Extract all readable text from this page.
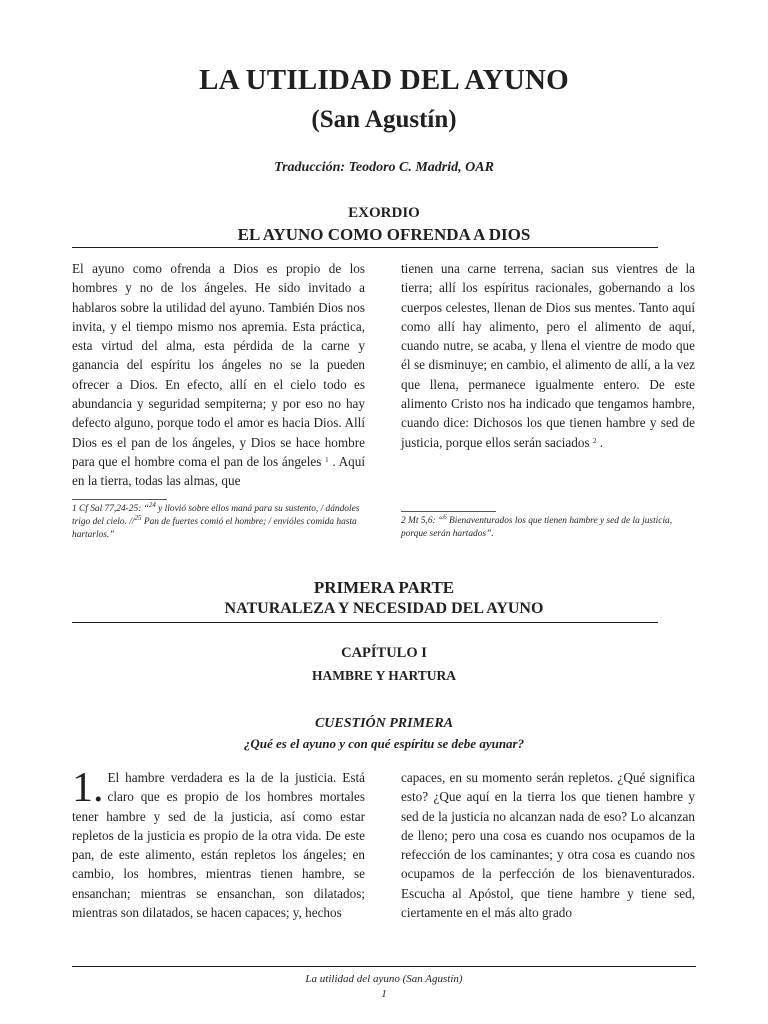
LA UTILIDAD DEL AYUNO
(San Agustín)
Traducción: Teodoro C. Madrid, OAR
EXORDIO
EL AYUNO COMO OFRENDA A DIOS
El ayuno como ofrenda a Dios es propio de los hombres y no de los ángeles. He sido invitado a hablaros sobre la utilidad del ayuno. También Dios nos invita, y el tiempo mismo nos apremia. Esta práctica, esta virtud del alma, esta pérdida de la carne y ganancia del espíritu los ángeles no se la pueden ofrecer a Dios. En efecto, allí en el cielo todo es abundancia y seguridad sempiterna; y por eso no hay defecto alguno, porque todo el amor es hacia Dios. Allí Dios es el pan de los ángeles, y Dios se hace hombre para que el hombre coma el pan de los ángeles $^1$ . Aquí en la tierra, todas las almas, que
tienen una carne terrena, sacian sus vientres de la tierra; allí los espíritus racionales, gobernando a los cuerpos celestes, llenan de Dios sus mentes. Tanto aquí como allí hay alimento, pero el alimento de aquí, cuando nutre, se acaba, y llena el vientre de modo que él se disminuye; en cambio, el alimento de allí, a la vez que llena, permanece igualmente entero. De este alimento Cristo nos ha indicado que tengamos hambre, cuando dice: Dichosos los que tienen hambre y sed de justicia, porque ellos serán saciados $^2$ .
1 Cf Sal 77,24-25: “$^{24}$ y llovió sobre ellos maná para su sustento, / dándoles trigo del cielo. //$^{25}$ Pan de fuertes comió el hombre; / envióles comida hasta hartarlos.”
2 Mt 5,6: “$^6$ Bienaventurados los que tienen hambre y sed de la justicia, porque serán hartados”.
PRIMERA PARTE
NATURALEZA Y NECESIDAD DEL AYUNO
CAPÍTULO I
HAMBRE Y HARTURA
CUESTIÓN PRIMERA
¿Qué es el ayuno y con qué espíritu se debe ayunar?
1. El hambre verdadera es la de la justicia. Está claro que es propio de los hombres mortales tener hambre y sed de la justicia, así como estar repletos de la justicia es propio de la otra vida. De este pan, de este alimento, están repletos los ángeles; en cambio, los hombres, mientras tienen hambre, se ensanchan; mientras se ensanchan, son dilatados; mientras son dilatados, se hacen capaces; y, hechos
capaces, en su momento serán repletos. ¿Qué significa esto? ¿Que aquí en la tierra los que tienen hambre y sed de la justicia no alcanzan nada de eso? Lo alcanzan de lleno; pero una cosa es cuando nos ocupamos de la refección de los caminantes; y otra cosa es cuando nos ocupamos de la perfección de los bienaventurados. Escucha al Apóstol, que tiene hambre y tiene sed, ciertamente en el más alto grado
La utilidad del ayuno (San Agustín)
1
